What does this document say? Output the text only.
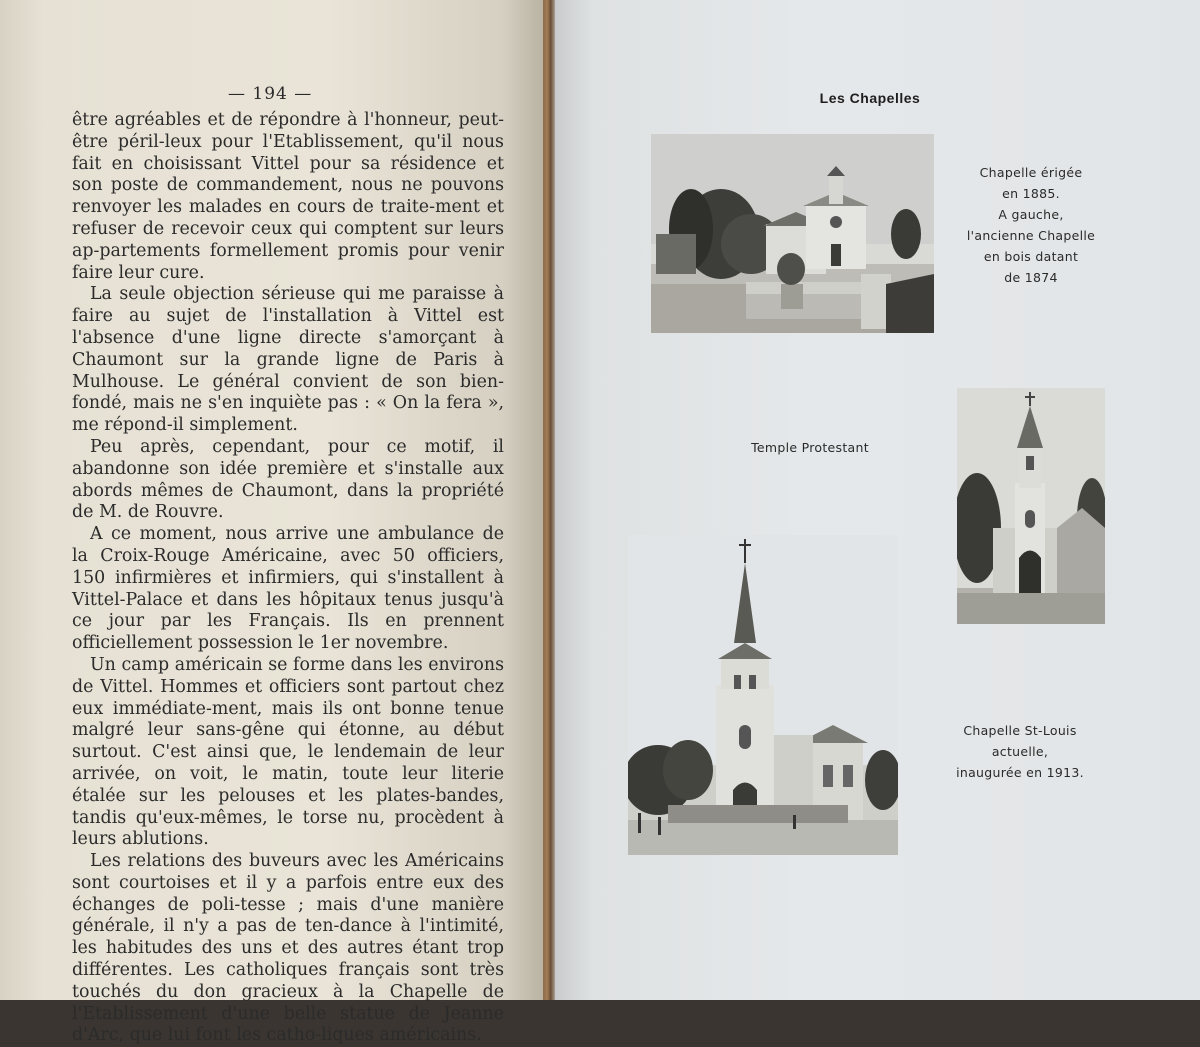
— 194 —

être agréables et de répondre à l'honneur, peut-être péril-leux pour l'Etablissement, qu'il nous fait en choisissant Vittel pour sa résidence et son poste de commandement, nous ne pouvons renvoyer les malades en cours de traite-ment et refuser de recevoir ceux qui comptent sur leurs ap-partements formellement promis pour venir faire leur cure.

La seule objection sérieuse qui me paraisse à faire au sujet de l'installation à Vittel est l'absence d'une ligne directe s'amorçant à Chaumont sur la grande ligne de Paris à Mulhouse. Le général convient de son bien-fondé, mais ne s'en inquiète pas : « On la fera », me répond-il simplement.

Peu après, cependant, pour ce motif, il abandonne son idée première et s'installe aux abords mêmes de Chaumont, dans la propriété de M. de Rouvre.

A ce moment, nous arrive une ambulance de la Croix-Rouge Américaine, avec 50 officiers, 150 infirmières et infirmiers, qui s'installent à Vittel-Palace et dans les hôpitaux tenus jusqu'à ce jour par les Français. Ils en prennent officiellement possession le 1er novembre.

Un camp américain se forme dans les environs de Vittel. Hommes et officiers sont partout chez eux immédiate-ment, mais ils ont bonne tenue malgré leur sans-gêne qui étonne, au début surtout. C'est ainsi que, le lendemain de leur arrivée, on voit, le matin, toute leur literie étalée sur les pelouses et les plates-bandes, tandis qu'eux-mêmes, le torse nu, procèdent à leurs ablutions.

Les relations des buveurs avec les Américains sont courtoises et il y a parfois entre eux des échanges de poli-tesse ; mais d'une manière générale, il n'y a pas de ten-dance à l'intimité, les habitudes des uns et des autres étant trop différentes. Les catholiques français sont très touchés du don gracieux à la Chapelle de l'Etablissement d'une belle statue de Jeanne d'Arc, que lui font les catho-liques américains.

Les Chapelles
Chapelle érigée
en 1885.
A gauche,
l'ancienne Chapelle
en bois datant
de 1874
Temple Protestant
Chapelle St-Louis
actuelle,
inaugurée en 1913.
